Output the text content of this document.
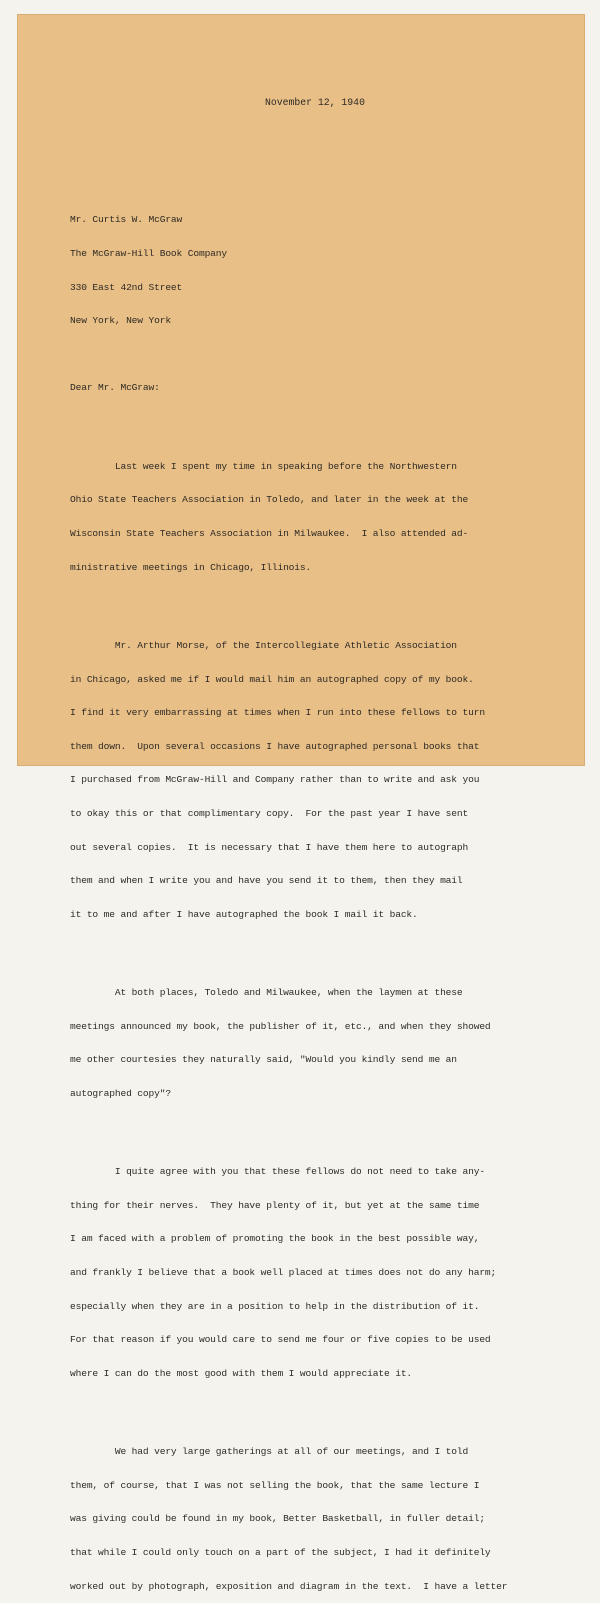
November 12, 1940

Mr. Curtis W. McGraw

The McGraw-Hill Book Company

330 East 42nd Street

New York, New York

Dear Mr. McGraw:

Last week I spent my time in speaking before the Northwestern

Ohio State Teachers Association in Toledo, and later in the week at the

Wisconsin State Teachers Association in Milwaukee.  I also attended ad-

ministrative meetings in Chicago, Illinois.

Mr. Arthur Morse, of the Intercollegiate Athletic Association

in Chicago, asked me if I would mail him an autographed copy of my book.

I find it very embarrassing at times when I run into these fellows to turn

them down.  Upon several occasions I have autographed personal books that

I purchased from McGraw-Hill and Company rather than to write and ask you

to okay this or that complimentary copy.  For the past year I have sent

out several copies.  It is necessary that I have them here to autograph

them and when I write you and have you send it to them, then they mail

it to me and after I have autographed the book I mail it back.

At both places, Toledo and Milwaukee, when the laymen at these

meetings announced my book, the publisher of it, etc., and when they showed

me other courtesies they naturally said, "Would you kindly send me an

autographed copy"?

I quite agree with you that these fellows do not need to take any-

thing for their nerves.  They have plenty of it, but yet at the same time

I am faced with a problem of promoting the book in the best possible way,

and frankly I believe that a book well placed at times does not do any harm;

especially when they are in a position to help in the distribution of it.

For that reason if you would care to send me four or five copies to be used

where I can do the most good with them I would appreciate it.

We had very large gatherings at all of our meetings, and I told

them, of course, that I was not selling the book, that the same lecture I

was giving could be found in my book, Better Basketball, in fuller detail;

that while I could only touch on a part of the subject, I had it definitely

worked out by photograph, exposition and diagram in the text.  I have a letter
